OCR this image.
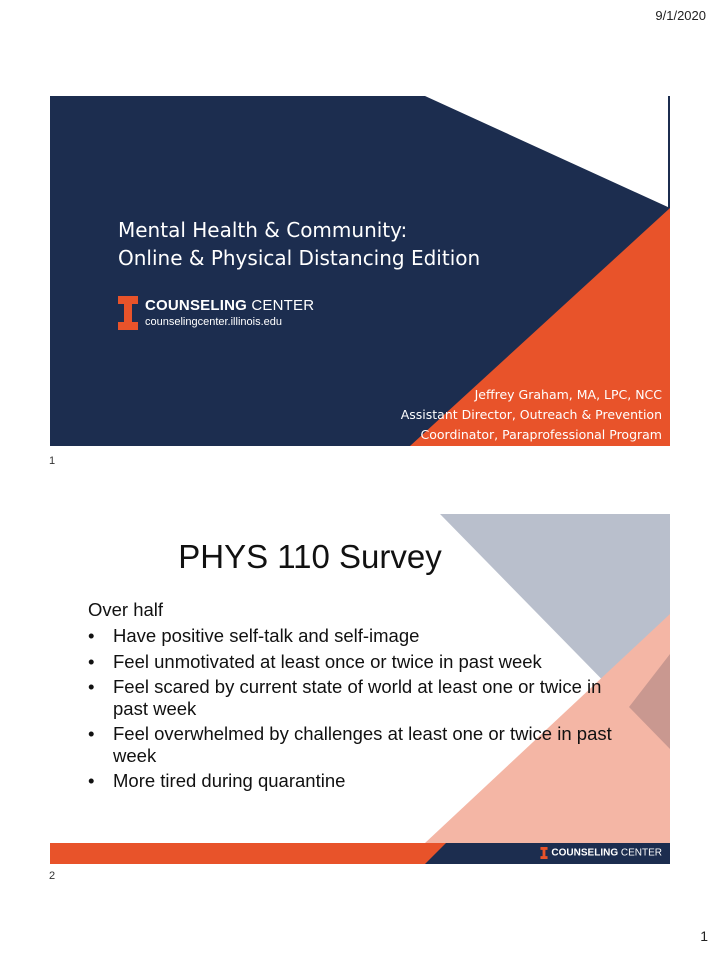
9/1/2020
Mental Health & Community:
Online & Physical Distancing Edition
COUNSELING CENTER
counselingcenter.illinois.edu
Jeffrey Graham, MA, LPC, NCC
Assistant Director, Outreach & Prevention
Coordinator, Paraprofessional Program
1
PHYS 110 Survey
Over half
• Have positive self-talk and self-image
• Feel unmotivated at least once or twice in past week
• Feel scared by current state of world at least one or twice in past week
• Feel overwhelmed by challenges at least one or twice in past week
• More tired during quarantine
COUNSELING CENTER
2
1
